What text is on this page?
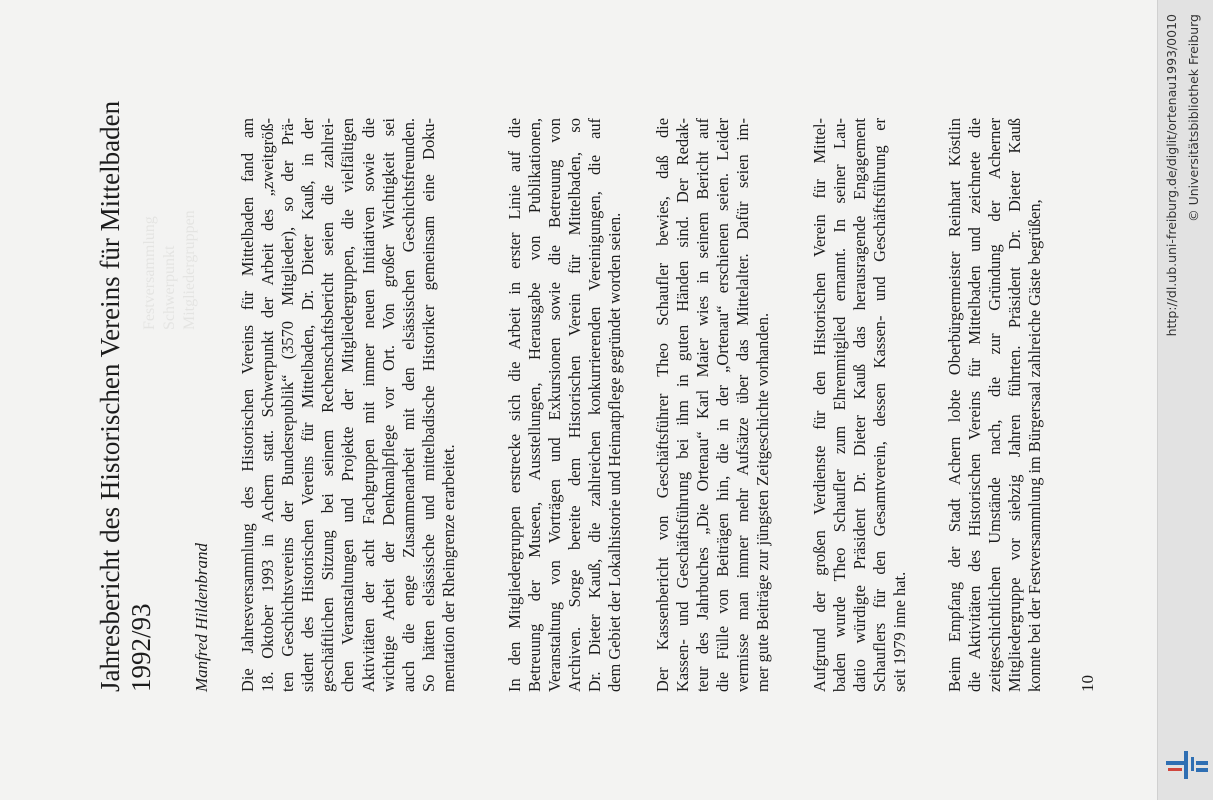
Festversammlung Schwerpunkt Mitgliedergruppen
Jahresbericht des Historischen Vereins für Mittelbaden
1992/93 Manfred Hildenbrand Die Jahresversammlung des Historischen Vereins für Mittelbaden fand am 18. Oktober 1993 in Achern statt. Schwerpunkt der Arbeit des „zweitgröß- ten Geschichtsvereins der Bundesrepublik“ (3570 Mitglieder), so der Prä- sident des Historischen Vereins für Mittelbaden, Dr. Dieter Kauß, in der geschäftlichen Sitzung bei seinem Rechenschaftsbericht seien die zahlrei- chen Veranstaltungen und Projekte der Mitgliedergruppen, die vielfältigen Aktivitäten der acht Fachgruppen mit immer neuen Initiativen sowie die wichtige Arbeit der Denkmalpflege vor Ort. Von großer Wichtigkeit sei auch die enge Zusammenarbeit mit den elsässischen Geschichtsfreunden. So hätten elsässische und mittelbadische Historiker gemeinsam eine Doku- mentation der Rheingrenze erarbeitet.	In den Mitgliedergruppen erstrecke sich die Arbeit in erster Linie auf die Betreuung der Museen, Ausstellungen, Herausgabe von Publikationen, Veranstaltung von Vorträgen und Exkursionen sowie die Betreuung von Archiven. Sorge bereite dem Historischen Verein für Mittelbaden, so Dr. Dieter Kauß, die zahlreichen konkurrierenden Vereinigungen, die auf dem Gebiet der Lokalhistorie und Heimatpflege gegründet worden seien. Der Kassenbericht von Geschäftsführer Theo Schaufler bewies, daß die Kassen- und Geschäftsführung bei ihm in guten Händen sind. Der Redak- teur des Jahrbuches „Die Ortenau“ Karl Maier wies in seinem Bericht auf die Fülle von Beiträgen hin, die in der „Ortenau“ erschienen seien. Leider vermisse man immer mehr Aufsätze über das Mittelalter. Dafür seien im- mer gute Beiträge zur jüngsten Zeitgeschichte vorhanden. Aufgrund der großen Verdienste für den Historischen Verein für Mittel- baden wurde Theo Schaufler zum Ehrenmitglied ernannt. In seiner Lau- datio würdigte Präsident Dr. Dieter Kauß das herausragende Engagement Schauflers für den Gesamtverein, dessen Kassen- und Geschäftsführung er seit 1979 inne hat. Beim Empfang der Stadt Achern lobte Oberbürgermeister Reinhart Köstlin die Aktivitäten des Historischen Vereins für Mittelbaden und zeichnete die zeitgeschichtlichen Umstände nach, die zur Gründung der Acherner Mitgliedergruppe vor siebzig Jahren führten. Präsident Dr. Dieter Kauß konnte bei der Festversammlung im Bürgersaal zahlreiche Gäste begrüßen, 10
http://dl.ub.uni-freiburg.de/diglit/ortenau1993/0010 © Universitätsbibliothek Freiburg
